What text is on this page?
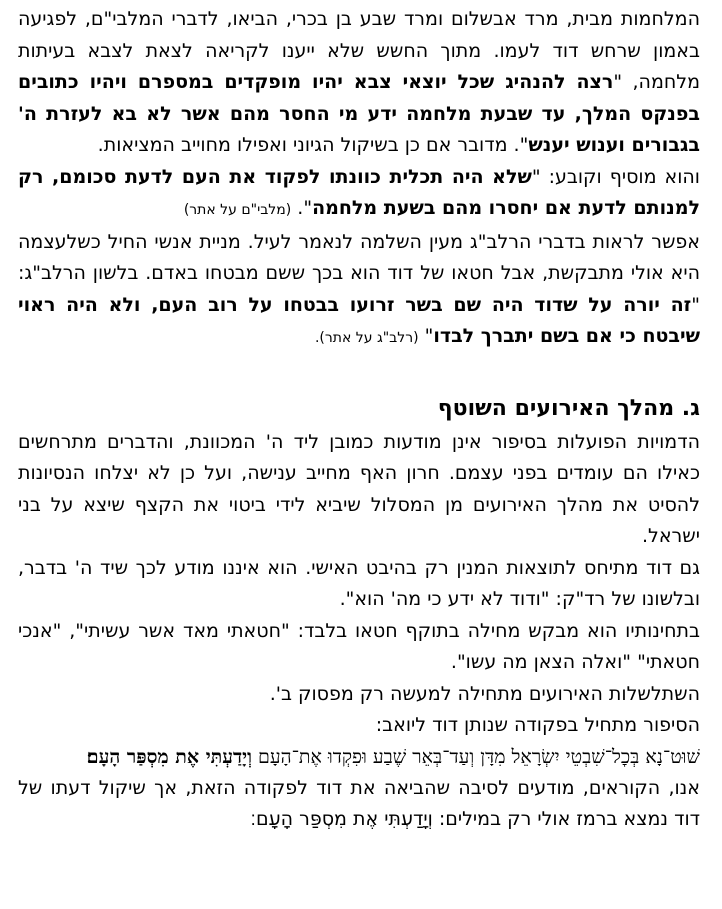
המלחמות מבית, מרד אבשלום ומרד שבע בן בכרי, הביאו, לדברי המלבי"ם, לפגיעה באמון שרחש דוד לעמו. מתוך החשש שלא ייענו לקריאה לצאת לצבא בעיתות מלחמה, "רצה להנהיג שכל יוצאי צבא יהיו מופקדים במספרם ויהיו כתובים בפנקס המלך, עד שבעת מלחמה ידע מי החסר מהם אשר לא בא לעזרת ה' בגבורים וענוש יענש". מדובר אם כן בשיקול הגיוני ואפילו מחוייב המציאות.

והוא מוסיף וקובע: "שלא היה תכלית כוונתו לפקוד את העם לדעת סכומם, רק למנותם לדעת אם יחסרו מהם בשעת מלחמה". (מלבי"ם על אתר)

אפשר לראות בדברי הרלב"ג מעין השלמה לנאמר לעיל. מניית אנשי החיל כשלעצמה היא אולי מתבקשת, אבל חטאו של דוד הוא בכך ששם מבטחו באדם. בלשון הרלב"ג: "זה יורה על שדוד היה שם בשר זרועו בבטחו על רוב העם, ולא היה ראוי שיבטח כי אם בשם יתברך לבדו" (רלב"ג על אתר).

ג. מהלך האירועים השוטף

הדמויות הפועלות בסיפור אינן מודעות כמובן ליד ה' המכוונת, והדברים מתרחשים כאילו הם עומדים בפני עצמם. חרון האף מחייב ענישה, ועל כן לא יצלחו הנסיונות להסיט את מהלך האירועים מן המסלול שיביא לידי ביטוי את הקצף שיצא על בני ישראל.

גם דוד מתיחס לתוצאות המנין רק בהיבט האישי. הוא איננו מודע לכך שיד ה' בדבר, ובלשונו של רד"ק: "ודוד לא ידע כי מה' הוא".

בתחינותיו הוא מבקש מחילה בתוקף חטאו בלבד: "חטאתי מאד אשר עשיתי", "אנכי חטאתי" "ואלה הצאן מה עשו".

השתלשלות האירועים מתחילה למעשה רק מפסוק ב'.

הסיפור מתחיל בפקודה שנותן דוד ליואב:

שׁוּט־נָא בְּכׇל־שִׁבְטֵי יִשְׂרָאֵל מִדָּן וְעַד־בְּאֵר שֶׁבַע וּפִקְדוּ אֶת־הָעָם וְיָדַעְתִּי אֶת מִסְפַּר הָעָם׃

אנו, הקוראים, מודעים לסיבה שהביאה את דוד לפקודה הזאת, אך שיקול דעתו של דוד נמצא ברמז אולי רק במילים: וְיָדַעְתִּי אֶת מִסְפַּר הָעָם׃
